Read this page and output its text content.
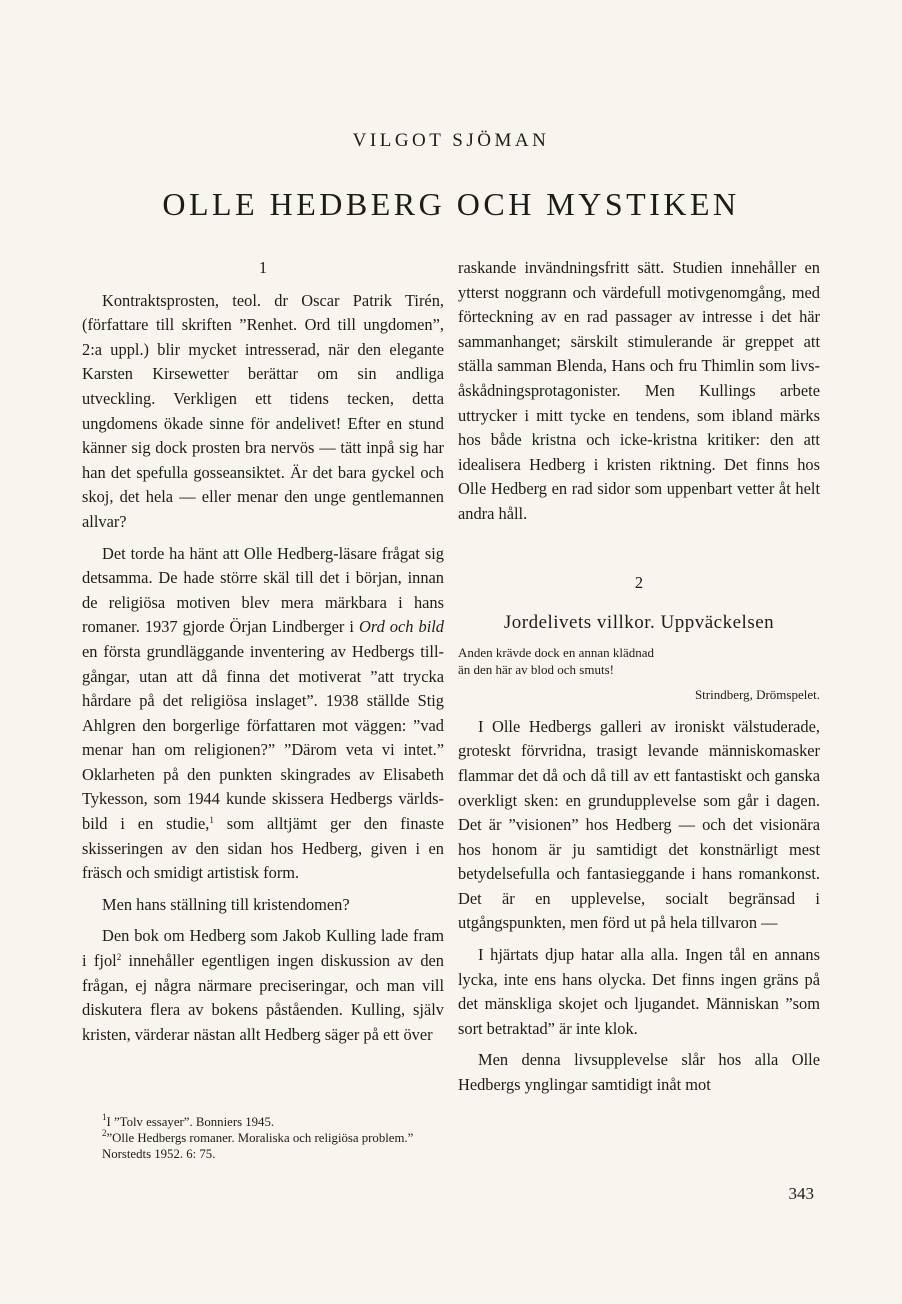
VILGOT SJÖMAN
OLLE HEDBERG OCH MYSTIKEN
1

Kontraktsprosten, teol. dr Oscar Patrik Tirén, (författare till skriften ”Renhet. Ord till ungdomen”, 2:a uppl.) blir mycket intresserad, när den elegante Karsten Kirsewetter berättar om sin andliga utveckling. Verkligen ett tidens tecken, detta ungdomens ökade sinne för andelivet! Efter en stund känner sig dock prosten bra nervös — tätt inpå sig har han det spefulla gosseansiktet. Är det bara gyckel och skoj, det hela — eller menar den unge gentlemannen allvar?

Det torde ha hänt att Olle Hedberg-läsare frågat sig detsamma. De hade större skäl till det i början, innan de religiösa motiven blev mera märkbara i hans romaner. 1937 gjorde Örjan Lindberger i Ord och bild en första grundläggande inventering av Hedbergs tillgångar, utan att då finna det motiverat ”att trycka hårdare på det religiösa inslaget”. 1938 ställde Stig Ahlgren den borgerlige författaren mot väggen: ”vad menar han om religionen?” ”Därom veta vi intet.” Oklarheten på den punkten skingrades av Elisabeth Tykesson, som 1944 kunde skissera Hedbergs världsbild i en studie,$^1$ som alltjämt ger den finaste skisseringen av den sidan hos Hedberg, given i en fräsch och smidigt artistisk form.

Men hans ställning till kristendomen?

Den bok om Hedberg som Jakob Kulling lade fram i fjol$^2$ innehåller egentligen ingen diskussion av den frågan, ej några närmare preciseringar, och man vill diskutera flera av bokens påståenden. Kulling, själv kristen, värderar nästan allt Hedberg säger på ett över

$^1$I ”Tolv essayer”. Bonniers 1945.
$^2$”Olle Hedbergs romaner. Moraliska och religiösa problem.” Norstedts 1952. 6: 75.

raskande invändningsfritt sätt. Studien innehåller en ytterst noggrann och värdefull motivgenomgång, med förteckning av en rad passager av intresse i det här sammanhanget; särskilt stimulerande är greppet att ställa samman Blenda, Hans och fru Thimlin som livsåskådningsprotagonister. Men Kullings arbete uttrycker i mitt tycke en tendens, som ibland märks hos både kristna och icke-kristna kritiker: den att idealisera Hedberg i kristen riktning. Det finns hos Olle Hedberg en rad sidor som uppenbart vetter åt helt andra håll.

2
Jordelivets villkor. Uppväckelsen

Anden krävde dock en annan klädnad

än den här av blod och smuts!

Strindberg, Drömspelet.

I Olle Hedbergs galleri av ironiskt välstuderade, groteskt förvridna, trasigt levande människomasker flammar det då och då till av ett fantastiskt och ganska overkligt sken: en grundupplevelse som går i dagen. Det är ”visionen” hos Hedberg — och det visionära hos honom är ju samtidigt det konstnärligt mest betydelsefulla och fantasieggande i hans romankonst. Det är en upplevelse, socialt begränsad i utgångspunkten, men förd ut på hela tillvaron —

I hjärtats djup hatar alla alla. Ingen tål en annans lycka, inte ens hans olycka. Det finns ingen gräns på det mänskliga skojet och ljugandet. Människan ”som sort betraktad” är inte klok.

Men denna livsupplevelse slår hos alla Olle Hedbergs ynglingar samtidigt inåt mot

343
